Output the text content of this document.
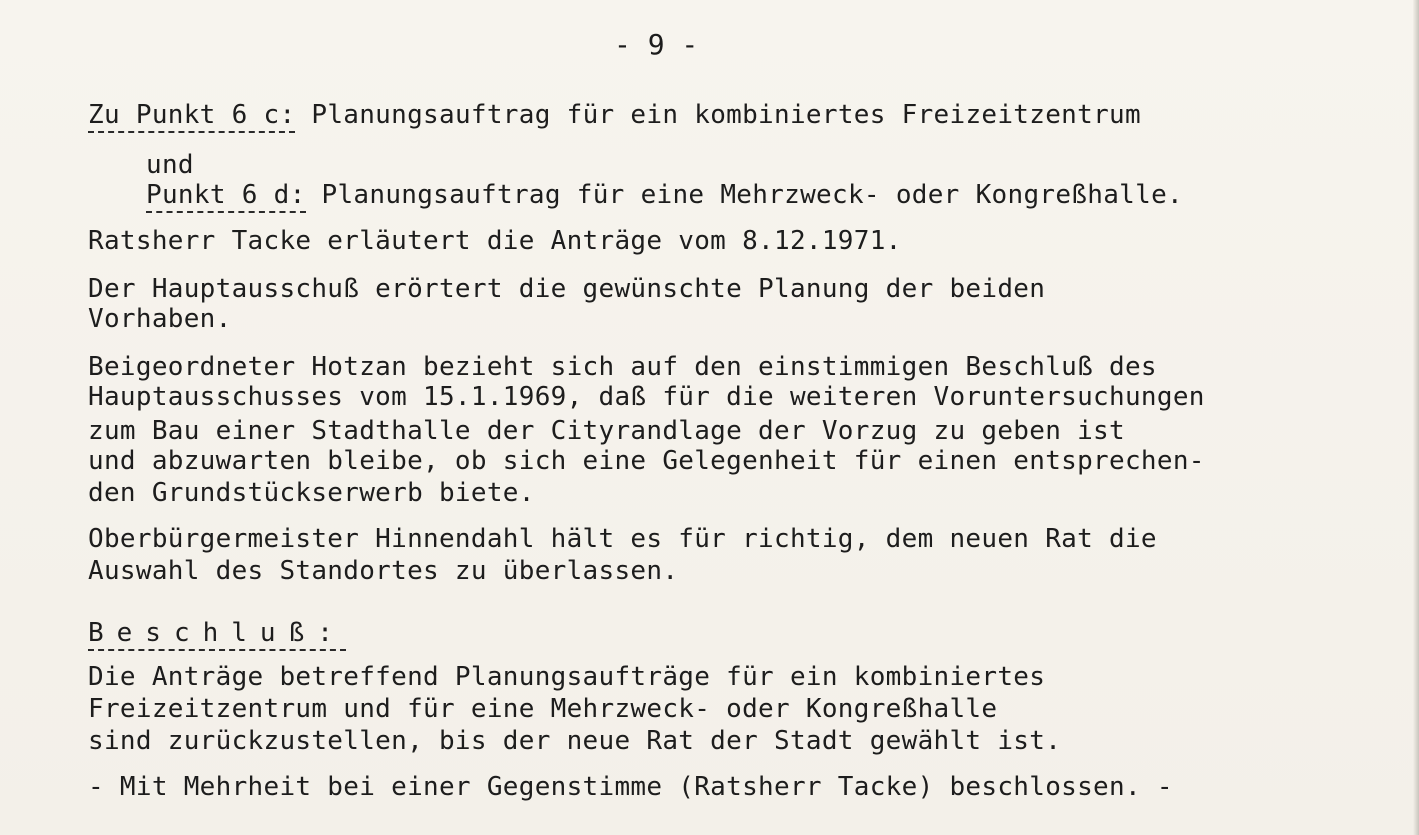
- 9 -
Zu Punkt 6 c: Planungsauftrag für ein kombiniertes Freizeitzentrum
und
Punkt 6 d: Planungsauftrag für eine Mehrzweck- oder Kongreßhalle.
Ratsherr Tacke erläutert die Anträge vom 8.12.1971.
Der Hauptausschuß erörtert die gewünschte Planung der beiden
Vorhaben.
Beigeordneter Hotzan bezieht sich auf den einstimmigen Beschluß des
Hauptausschusses vom 15.1.1969, daß für die weiteren Voruntersuchungen
zum Bau einer Stadthalle der Cityrandlage der Vorzug zu geben ist
und abzuwarten bleibe, ob sich eine Gelegenheit für einen entsprechen-
den Grundstückserwerb biete.
Oberbürgermeister Hinnendahl hält es für richtig, dem neuen Rat die
Auswahl des Standortes zu überlassen.
Beschluß:
Die Anträge betreffend Planungsaufträge für ein kombiniertes
Freizeitzentrum und für eine Mehrzweck- oder Kongreßhalle
sind zurückzustellen, bis der neue Rat der Stadt gewählt ist.
- Mit Mehrheit bei einer Gegenstimme (Ratsherr Tacke) beschlossen. -
